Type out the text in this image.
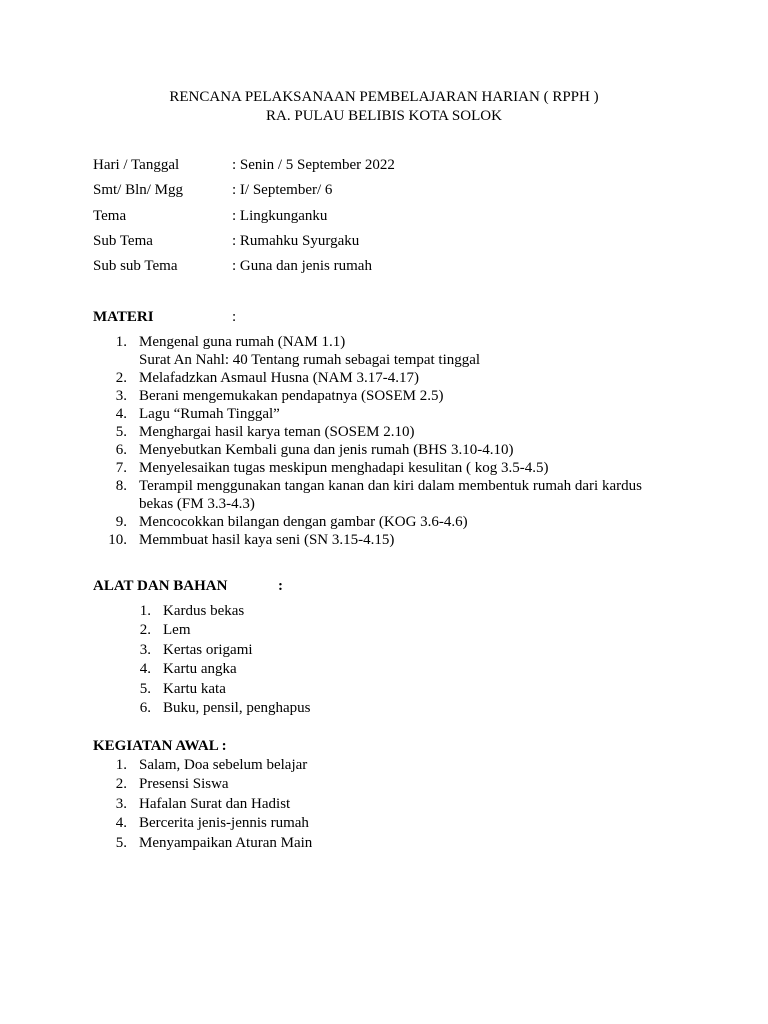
RENCANA PELAKSANAAN PEMBELAJARAN HARIAN ( RPPH )
RA. PULAU BELIBIS KOTA SOLOK
Hari / Tanggal	: Senin / 5 September 2022
Smt/ Bln/ Mgg	: I/ September/ 6
Tema	: Lingkunganku
Sub Tema	: Rumahku Syurgaku
Sub sub Tema	: Guna dan jenis rumah
MATERI	:
1. Mengenal guna rumah (NAM 1.1)
Surat An Nahl: 40 Tentang rumah sebagai tempat tinggal
2. Melafadzkan Asmaul Husna (NAM 3.17-4.17)
3. Berani mengemukakan pendapatnya (SOSEM 2.5)
4. Lagu “Rumah Tinggal”
5. Menghargai hasil karya teman (SOSEM 2.10)
6. Menyebutkan Kembali guna dan jenis rumah (BHS 3.10-4.10)
7. Menyelesaikan tugas meskipun menghadapi kesulitan ( kog 3.5-4.5)
8. Terampil menggunakan tangan kanan dan kiri dalam membentuk rumah dari kardus
bekas (FM 3.3-4.3)
9. Mencocokkan bilangan dengan gambar (KOG 3.6-4.6)
10. Memmbuat hasil kaya seni (SN 3.15-4.15)
ALAT DAN BAHAN	:
1. Kardus bekas
2. Lem
3. Kertas origami
4. Kartu angka
5. Kartu kata
6. Buku, pensil, penghapus
KEGIATAN AWAL :
1. Salam, Doa sebelum belajar
2. Presensi Siswa
3. Hafalan Surat dan Hadist
4. Bercerita jenis-jennis rumah
5. Menyampaikan Aturan Main
